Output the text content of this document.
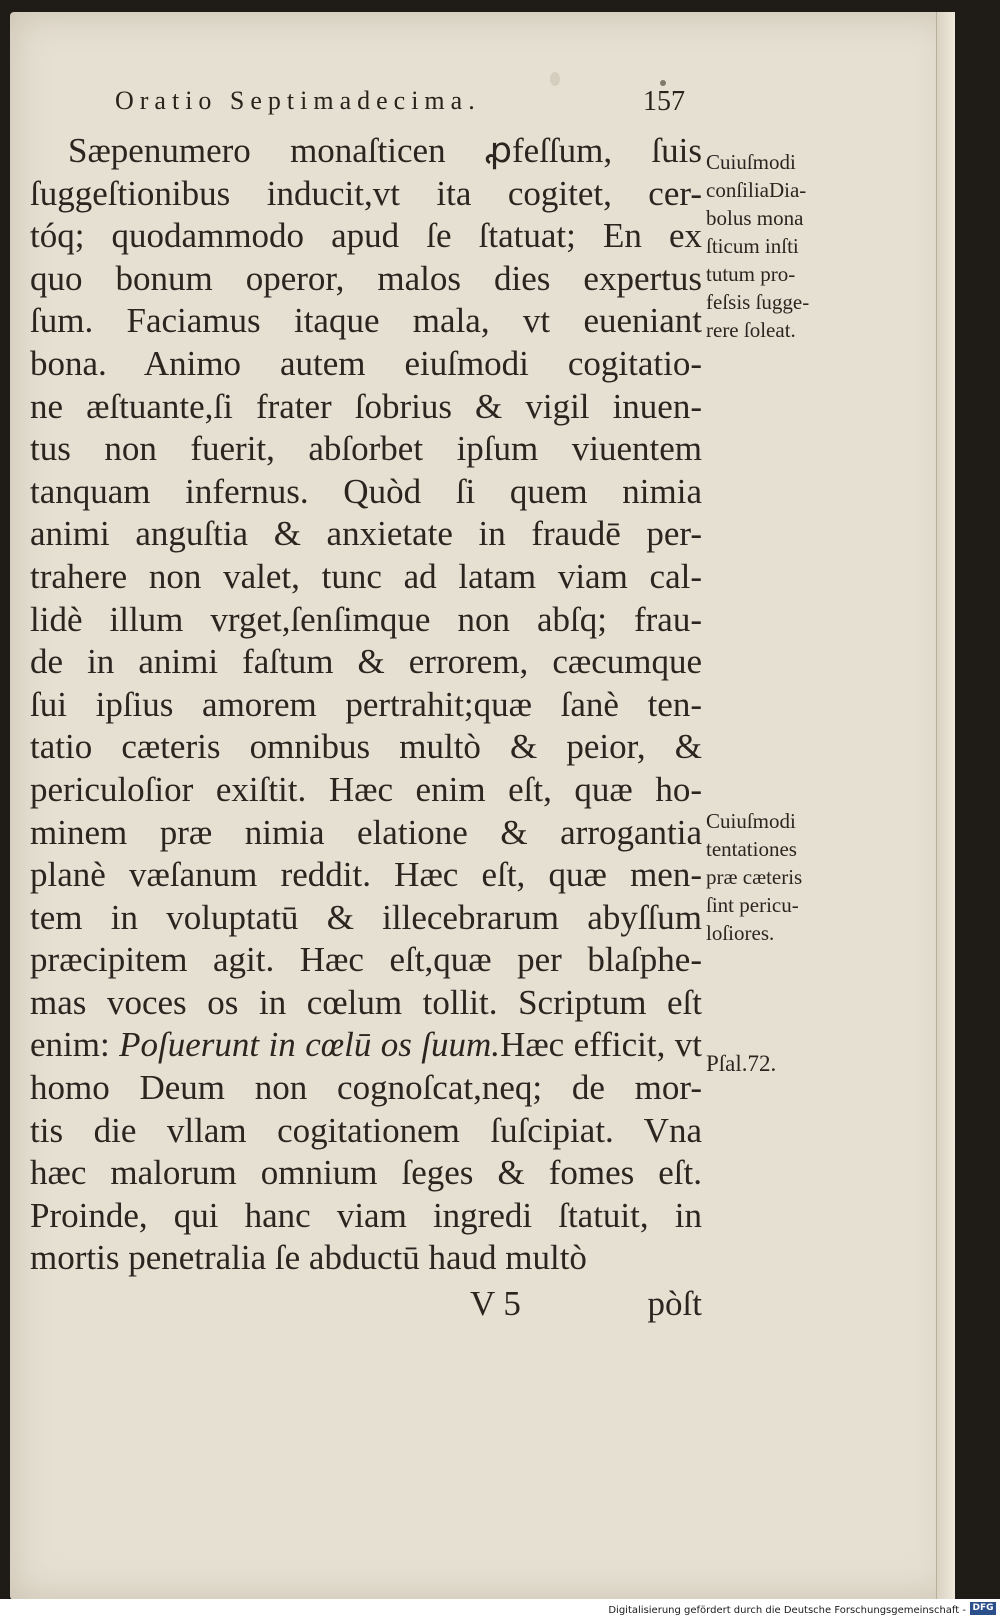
Oratio Septimadecima.	157
Sæpenumero monaſticen ꝓfeſſum, ſuis
ſuggeſtionibus inducit,vt ita cogitet, cer-
tóq; quodammodo apud ſe ſtatuat; En ex
quo bonum operor, malos dies expertus
ſum. Faciamus itaque mala, vt eueniant
bona. Animo autem eiuſmodi cogitatio-
ne æſtuante,ſi frater ſobrius & vigil inuen-
tus non fuerit, abſorbet ipſum viuentem
tanquam infernus. Quòd ſi quem nimia
animi anguſtia & anxietate in fraudē per-
trahere non valet, tunc ad latam viam cal-
lidè illum vrget,ſenſimque non abſq; frau-
de in animi faſtum & errorem, cæcumque
ſui ipſius amorem pertrahit;quæ ſanè ten-
tatio cæteris omnibus multò & peior, &
periculoſior exiſtit. Hæc enim eſt, quæ ho-
minem præ nimia elatione & arrogantia
planè væſanum reddit. Hæc eſt, quæ men-
tem in voluptatū & illecebrarum abyſſum
præcipitem agit. Hæc eſt,quæ per blaſphe-
mas voces os in cœlum tollit. Scriptum eſt
enim: Poſuerunt in cœlū os ſuum.Hæc efficit, vt
homo Deum non cognoſcat,neq; de mor-
tis die vllam cogitationem ſuſcipiat. Vna
hæc malorum omnium ſeges & fomes eſt.
Proinde, qui hanc viam ingredi ſtatuit, in
mortis penetralia ſe abductū haud multò
Cuiuſmodi
conſiliaDia-
bolus mona
ſticum inſti
tutum pro-
feſsis ſugge-
rere ſoleat.
Cuiuſmodi
tentationes
præ cæteris
ſint pericu-
loſiores.
Pſal.72.
V 5	pòſt
Digitalisierung gefördert durch die Deutsche Forschungsgemeinschaft - DFG
